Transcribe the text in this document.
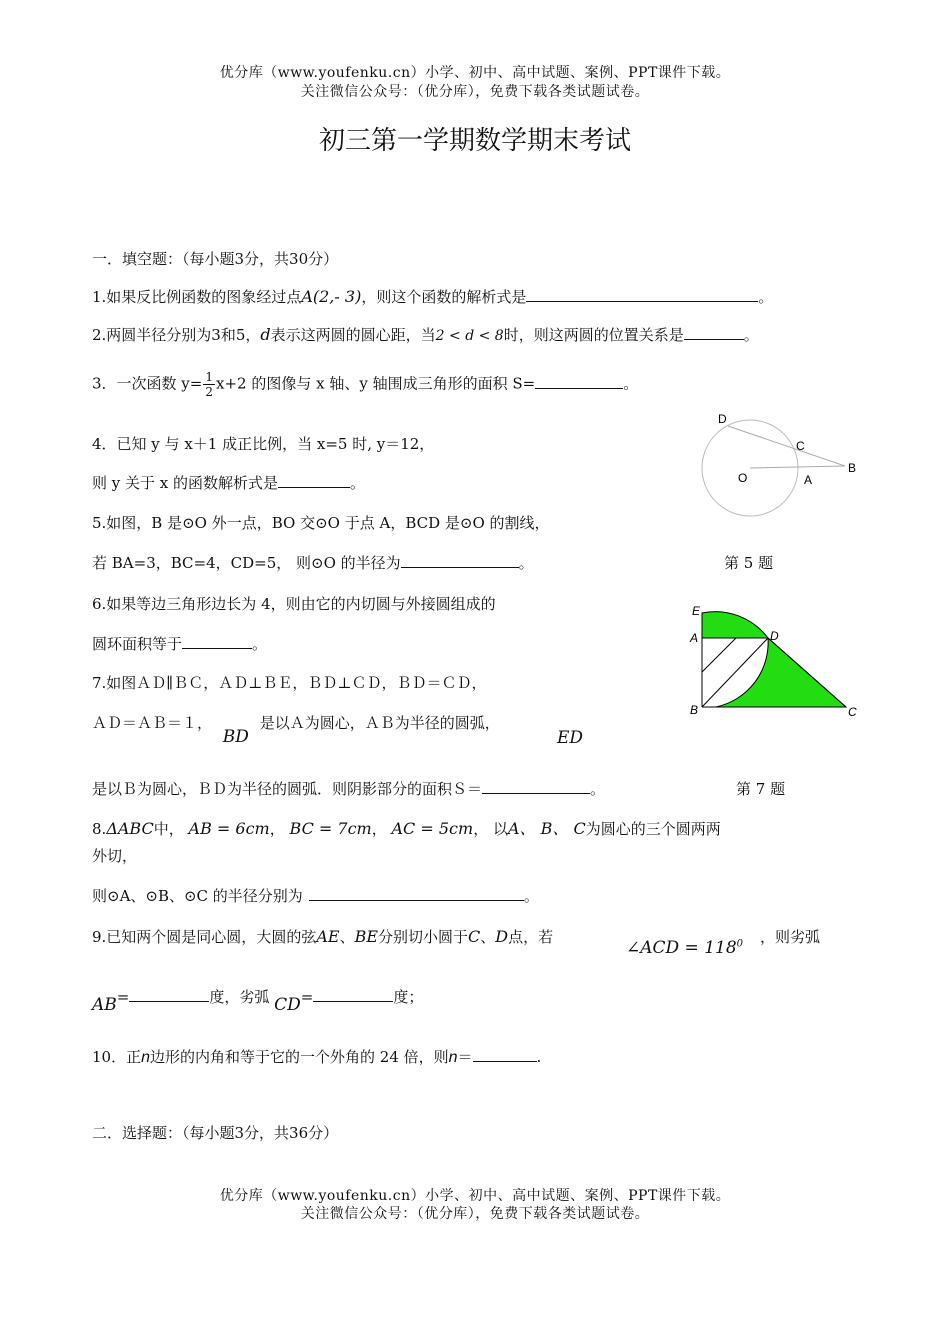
优分库（www.youfenku.cn）小学、初中、高中试题、案例、PPT课件下载。
关注微信公众号：（优分库），免费下载各类试题试卷。
初三第一学期数学期末考试
一．填空题：（每小题3分，共30分）
1.如果反比例函数的图象经过点A(2,- 3)，则这个函数的解析式是	。
2.两圆半径分别为3和5，d表示这两圆的圆心距，当2 < d < 8时，则这两圆的位置关系是	。
3．一次函数 $y= \frac{1}{2} x+2$ 的图像与 x 轴、y 轴围成三角形的面积 S=	。
4．已知 y 与 x＋1 成正比例，当 x=5 时, y＝12，
则 y 关于 x 的函数解析式是	。
D
C
O	A
B
5.如图，B 是⊙O 外一点，BO 交⊙O 于点 A，BCD 是⊙O 的割线，
若 BA=3，BC=4，CD=5， 则⊙O 的半径为	。	第 5 题
6.如果等边三角形边长为 4，则由它的内切圆与外接圆组成的
圆环面积等于	。
E
A	D
B	C
7.如图ＡＤ∥ＢＣ，ＡＤ⊥ＢＥ，ＢＤ⊥ＣＤ，ＢＤ＝ＣＤ，
ＡＤ＝ＡＢ＝１， BD 是以Ａ为圆心，ＡＢ为半径的圆弧，
ED
是以Ｂ为圆心，ＢＤ为半径的圆弧．则阴影部分的面积Ｓ＝	。	第 7 题
8.ΔABC中， AB = 6cm， BC = 7cm， AC = 5cm， 以A、 B、 C为圆心的三个圆两两
外切，
则⊙A、⊙B、⊙C 的半径分别为	。
9.已知两个圆是同心圆，大圆的弦AE、BE分别切小圆于C、D点，若
∠ACD = $118^0$ ，则劣弧
AB=	度，劣弧 CD=	度；
10．正n边形的内角和等于它的一个外角的 24 倍，则n＝	.
二．选择题：（每小题3分，共36分）
优分库（www.youfenku.cn）小学、初中、高中试题、案例、PPT课件下载。
关注微信公众号：（优分库），免费下载各类试题试卷。
